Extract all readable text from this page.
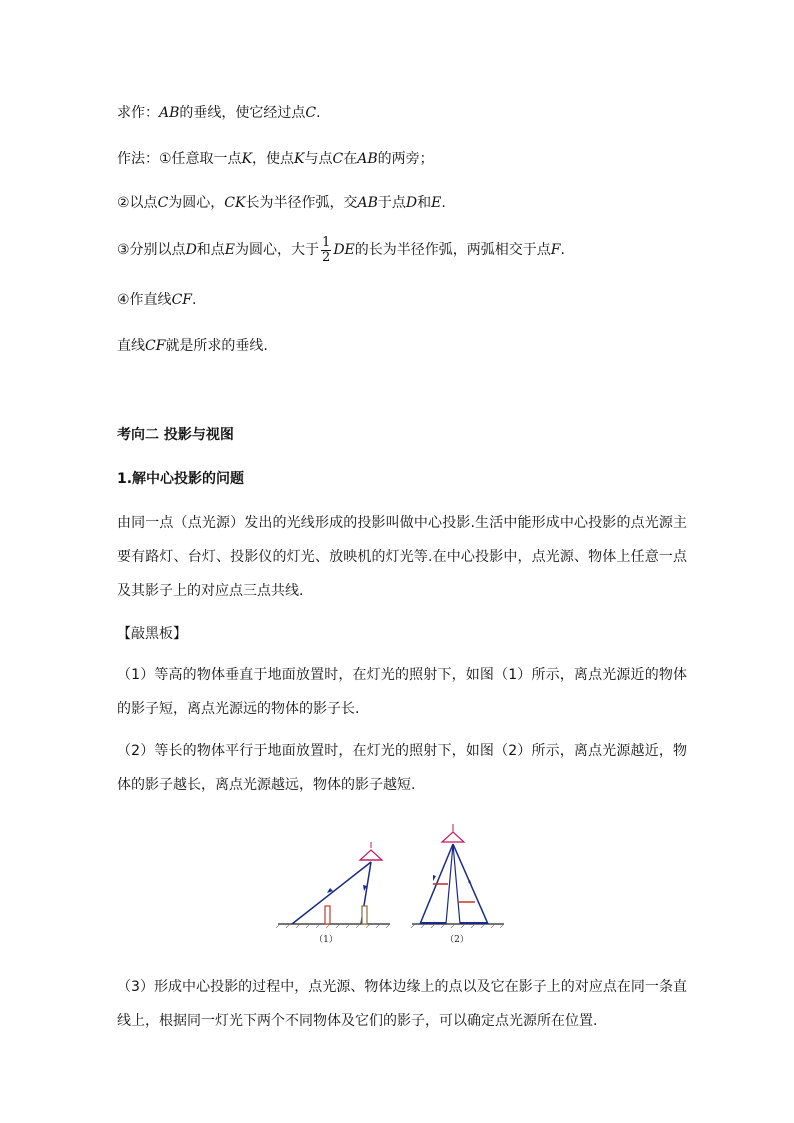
求作：AB的垂线，使它经过点C.
作法：①任意取一点K，使点K与点C在AB的两旁；
②以点C为圆心，CK长为半径作弧，交AB于点D和E.
③分别以点D和点E为圆心，大于 $\frac{1}{2}$ DE的长为半径作弧，两弧相交于点F.
④作直线CF.
直线CF就是所求的垂线.
考向二 投影与视图
1.解中心投影的问题
由同一点（点光源）发出的光线形成的投影叫做中心投影.生活中能形成中心投影的点光源主要有路灯、台灯、投影仪的灯光、放映机的灯光等.在中心投影中，点光源、物体上任意一点及其影子上的对应点三点共线.
【敲黑板】
（1）等高的物体垂直于地面放置时，在灯光的照射下，如图（1）所示，离点光源近的物体的影子短，离点光源远的物体的影子长.
（2）等长的物体平行于地面放置时，在灯光的照射下，如图（2）所示，离点光源越近，物体的影子越长，离点光源越远，物体的影子越短.
（1）	（2）
（3）形成中心投影的过程中，点光源、物体边缘上的点以及它在影子上的对应点在同一条直线上，根据同一灯光下两个不同物体及它们的影子，可以确定点光源所在位置.
